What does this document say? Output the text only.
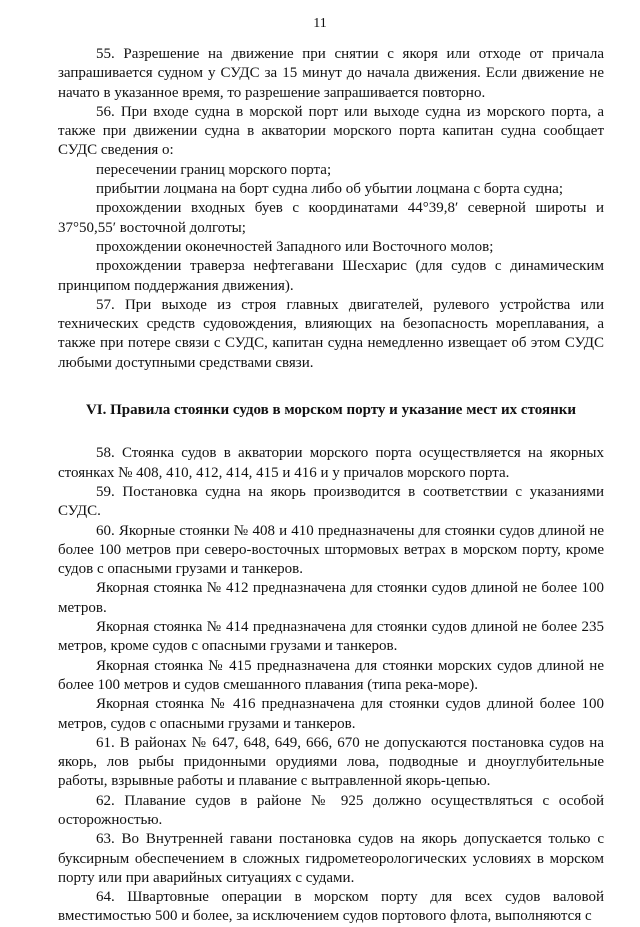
11

55. Разрешение на движение при снятии с якоря или отходе от причала запрашивается судном у СУДС за 15 минут до начала движения. Если движение не начато в указанное время, то разрешение запрашивается повторно.

56. При входе судна в морской порт или выходе судна из морского порта, а также при движении судна в акватории морского порта капитан судна сообщает СУДС сведения о:

пересечении границ морского порта;

прибытии лоцмана на борт судна либо об убытии лоцмана с борта судна;

прохождении входных буев с координатами 44°39,8′ северной широты и 37°50,55′ восточной долготы;

прохождении оконечностей Западного или Восточного молов;

прохождении траверза нефтегавани Шесхарис (для судов с динамическим принципом поддержания движения).

57. При выходе из строя главных двигателей, рулевого устройства или технических средств судовождения, влияющих на безопасность мореплавания, а также при потере связи с СУДС, капитан судна немедленно извещает об этом СУДС любыми доступными средствами связи.

VI. Правила стоянки судов в морском порту и указание мест их стоянки

58. Стоянка судов в акватории морского порта осуществляется на якорных стоянках № 408, 410, 412, 414, 415 и 416 и у причалов морского порта.

59. Постановка судна на якорь производится в соответствии с указаниями СУДС.

60. Якорные стоянки № 408 и 410 предназначены для стоянки судов длиной не более 100 метров при северо-восточных штормовых ветрах в морском порту, кроме судов с опасными грузами и танкеров.

Якорная стоянка № 412 предназначена для стоянки судов длиной не более 100 метров.

Якорная стоянка № 414 предназначена для стоянки судов длиной не более 235 метров, кроме судов с опасными грузами и танкеров.

Якорная стоянка № 415 предназначена для стоянки морских судов длиной не более 100 метров и судов смешанного плавания (типа река-море).

Якорная стоянка № 416 предназначена для стоянки судов длиной более 100 метров, судов с опасными грузами и танкеров.

61. В районах № 647, 648, 649, 666, 670 не допускаются постановка судов на якорь, лов рыбы придонными орудиями лова, подводные и дноуглубительные работы, взрывные работы и плавание с вытравленной якорь-цепью.

62. Плавание судов в районе № 925 должно осуществляться с особой осторожностью.

63. Во Внутренней гавани постановка судов на якорь допускается только с буксирным обеспечением в сложных гидрометеорологических условиях в морском порту или при аварийных ситуациях с судами.

64. Швартовные операции в морском порту для всех судов валовой вместимостью 500 и более, за исключением судов портового флота, выполняются с
